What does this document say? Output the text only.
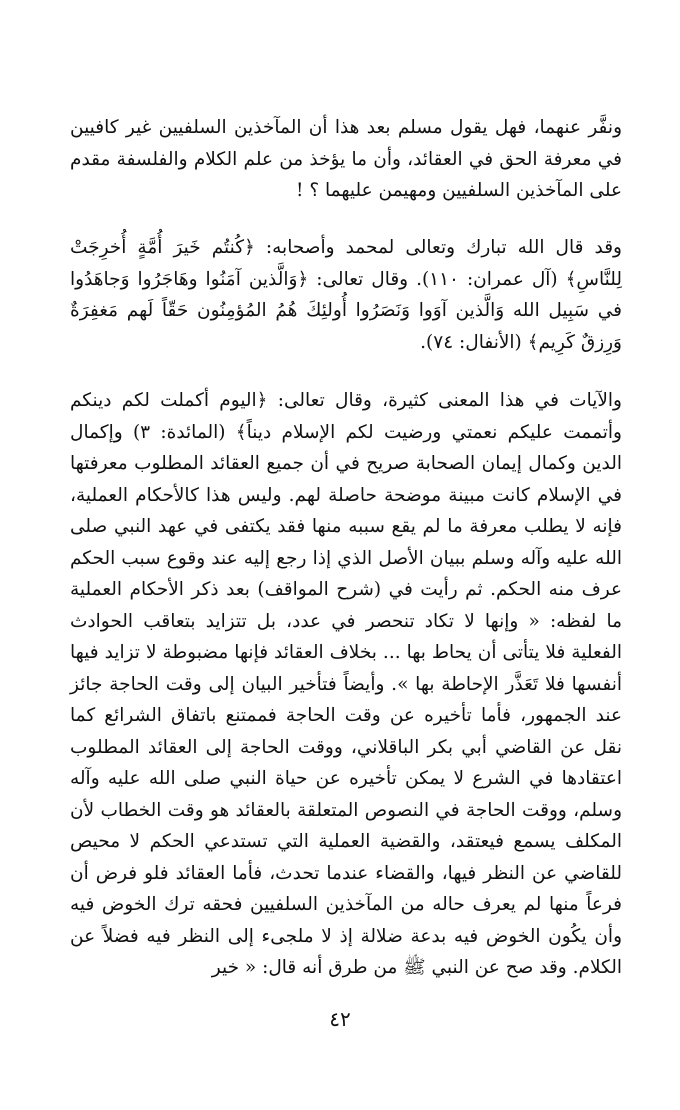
ونفَّر عنهما، فهل يقول مسلم بعد هذا أن المآخذين السلفيين غير كافيين في معرفة الحق في العقائد، وأن ما يؤخذ من علم الكلام والفلسفة مقدم على المآخذين السلفيين ومهيمن عليهما ؟ !

وقد قال الله تبارك وتعالى لمحمد وأصحابه: ﴿كُنتُم خَيرَ أُمَّةٍ أُخرِجَتْ لِلنَّاسِ﴾ (آل عمران: ١١٠). وقال تعالى: ﴿وَالَّذين آمَنُوا وهَاجَرُوا وَجاهَدُوا في سَبِيل الله وَالَّذين آوَوا وَنَصَرُوا أُولئِكَ هُمُ المُؤمِنُون حَقّاً لَهم مَغفِرَةٌ وَرِزقٌ كَرِيم﴾ (الأنفال: ٧٤).

والآيات في هذا المعنى كثيرة، وقال تعالى: ﴿اليوم أكملت لكم دينكم وأتممت عليكم نعمتي ورضيت لكم الإسلام ديناً﴾ (المائدة: ٣) وإكمال الدين وكمال إيمان الصحابة صريح في أن جميع العقائد المطلوب معرفتها في الإسلام كانت مبينة موضحة حاصلة لهم. وليس هذا كالأحكام العملية، فإنه لا يطلب معرفة ما لم يقع سببه منها فقد يكتفى في عهد النبي صلى الله عليه وآله وسلم ببيان الأصل الذي إذا رجع إليه عند وقوع سبب الحكم عرف منه الحكم. ثم رأيت في (شرح المواقف) بعد ذكر الأحكام العملية ما لفظه: « وإنها لا تكاد تنحصر في عدد، بل تتزايد بتعاقب الحوادث الفعلية فلا يتأتى أن يحاط بها ... بخلاف العقائد فإنها مضبوطة لا تزايد فيها أنفسها فلا تَعَذَّر الإحاطة بها ». وأيضاً فتأخير البيان إلى وقت الحاجة جائز عند الجمهور، فأما تأخيره عن وقت الحاجة فممتنع باتفاق الشرائع كما نقل عن القاضي أبي بكر الباقلاني، ووقت الحاجة إلى العقائد المطلوب اعتقادها في الشرع لا يمكن تأخيره عن حياة النبي صلى الله عليه وآله وسلم، ووقت الحاجة في النصوص المتعلقة بالعقائد هو وقت الخطاب لأن المكلف يسمع فيعتقد، والقضية العملية التي تستدعي الحكم لا محيص للقاضي عن النظر فيها، والقضاء عندما تحدث، فأما العقائد فلو فرض أن فرعاً منها لم يعرف حاله من المآخذين السلفيين فحقه ترك الخوض فيه وأن يكُون الخوض فيه بدعة ضلالة إذ لا ملجىء إلى النظر فيه فضلاً عن الكلام. وقد صح عن النبي ﷺ من طرق أنه قال: « خير

٤٢
